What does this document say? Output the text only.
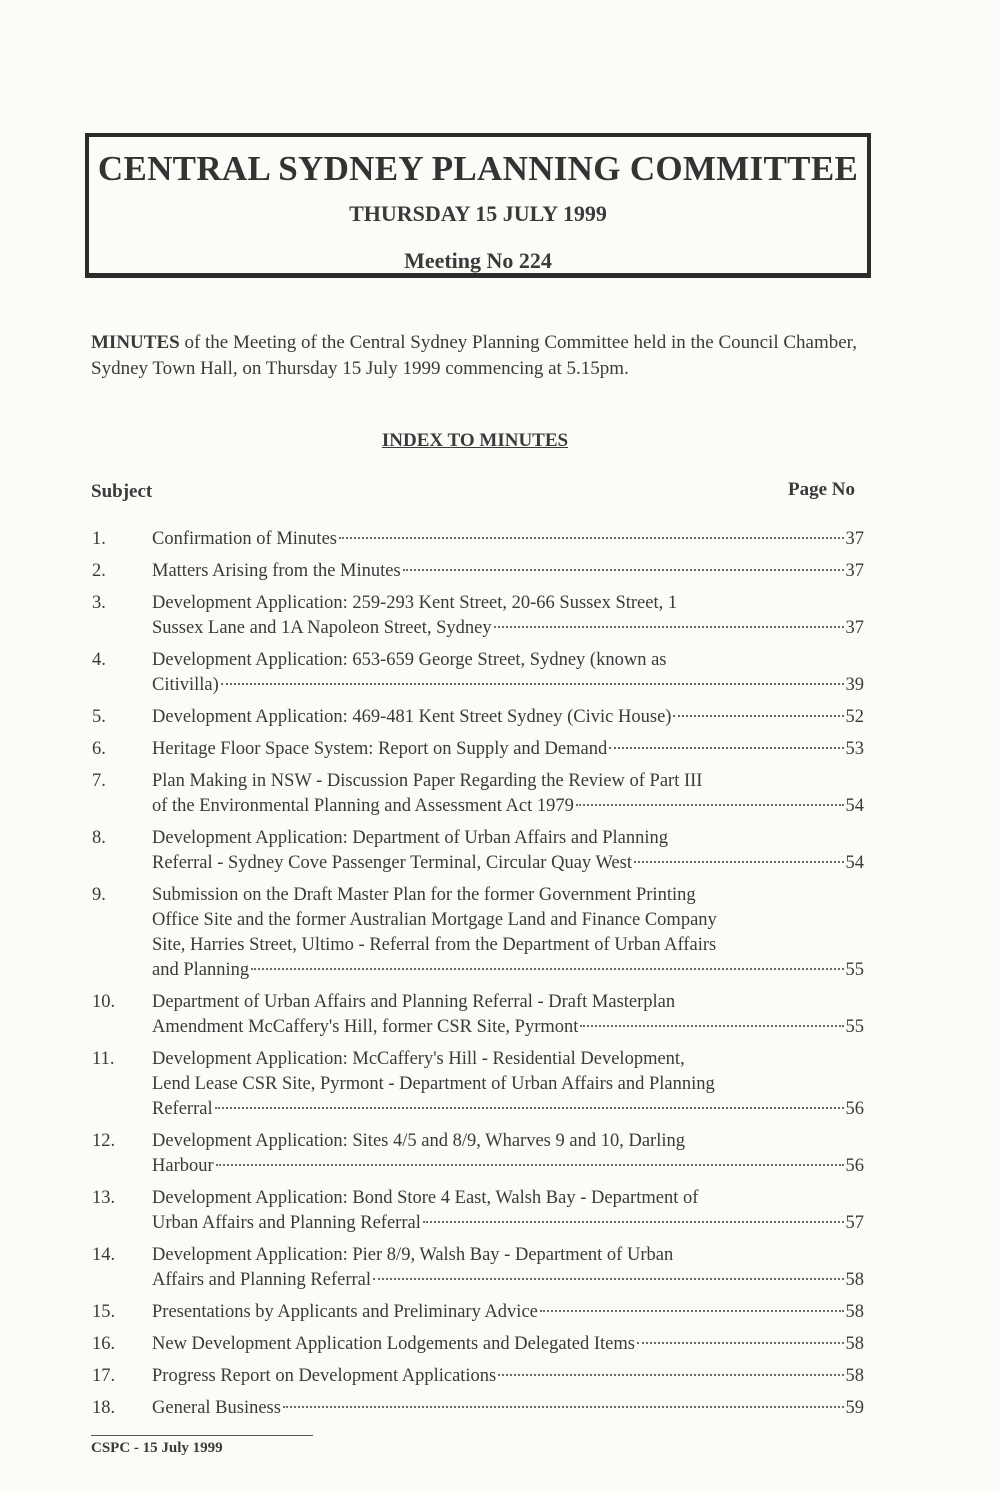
CENTRAL SYDNEY PLANNING COMMITTEE
THURSDAY 15 JULY 1999
Meeting No 224
MINUTES of the Meeting of the Central Sydney Planning Committee held in the Council Chamber, Sydney Town Hall, on Thursday 15 July 1999 commencing at 5.15pm.
INDEX TO MINUTES
Subject	Page No
1. Confirmation of Minutes	37
2. Matters Arising from the Minutes	37
3. Development Application: 259-293 Kent Street, 20-66 Sussex Street, 1
Sussex Lane and 1A Napoleon Street, Sydney	37
4. Development Application: 653-659 George Street, Sydney (known as
Citivilla)	39
5. Development Application: 469-481 Kent Street Sydney (Civic House)	52
6. Heritage Floor Space System: Report on Supply and Demand	53
7. Plan Making in NSW - Discussion Paper Regarding the Review of Part III
of the Environmental Planning and Assessment Act 1979	54
8. Development Application: Department of Urban Affairs and Planning
Referral - Sydney Cove Passenger Terminal, Circular Quay West	54
9. Submission on the Draft Master Plan for the former Government Printing
Office Site and the former Australian Mortgage Land and Finance Company
Site, Harries Street, Ultimo - Referral from the Department of Urban Affairs
and Planning	55
10. Department of Urban Affairs and Planning Referral - Draft Masterplan
Amendment McCaffery's Hill, former CSR Site, Pyrmont	55
11. Development Application: McCaffery's Hill - Residential Development,
Lend Lease CSR Site, Pyrmont - Department of Urban Affairs and Planning
Referral	56
12. Development Application: Sites 4/5 and 8/9, Wharves 9 and 10, Darling
Harbour	56
13. Development Application: Bond Store 4 East, Walsh Bay - Department of
Urban Affairs and Planning Referral	57
14. Development Application: Pier 8/9, Walsh Bay - Department of Urban
Affairs and Planning Referral	58
15. Presentations by Applicants and Preliminary Advice	58
16. New Development Application Lodgements and Delegated Items	58
17. Progress Report on Development Applications	58
18. General Business	59
CSPC - 15 July 1999
